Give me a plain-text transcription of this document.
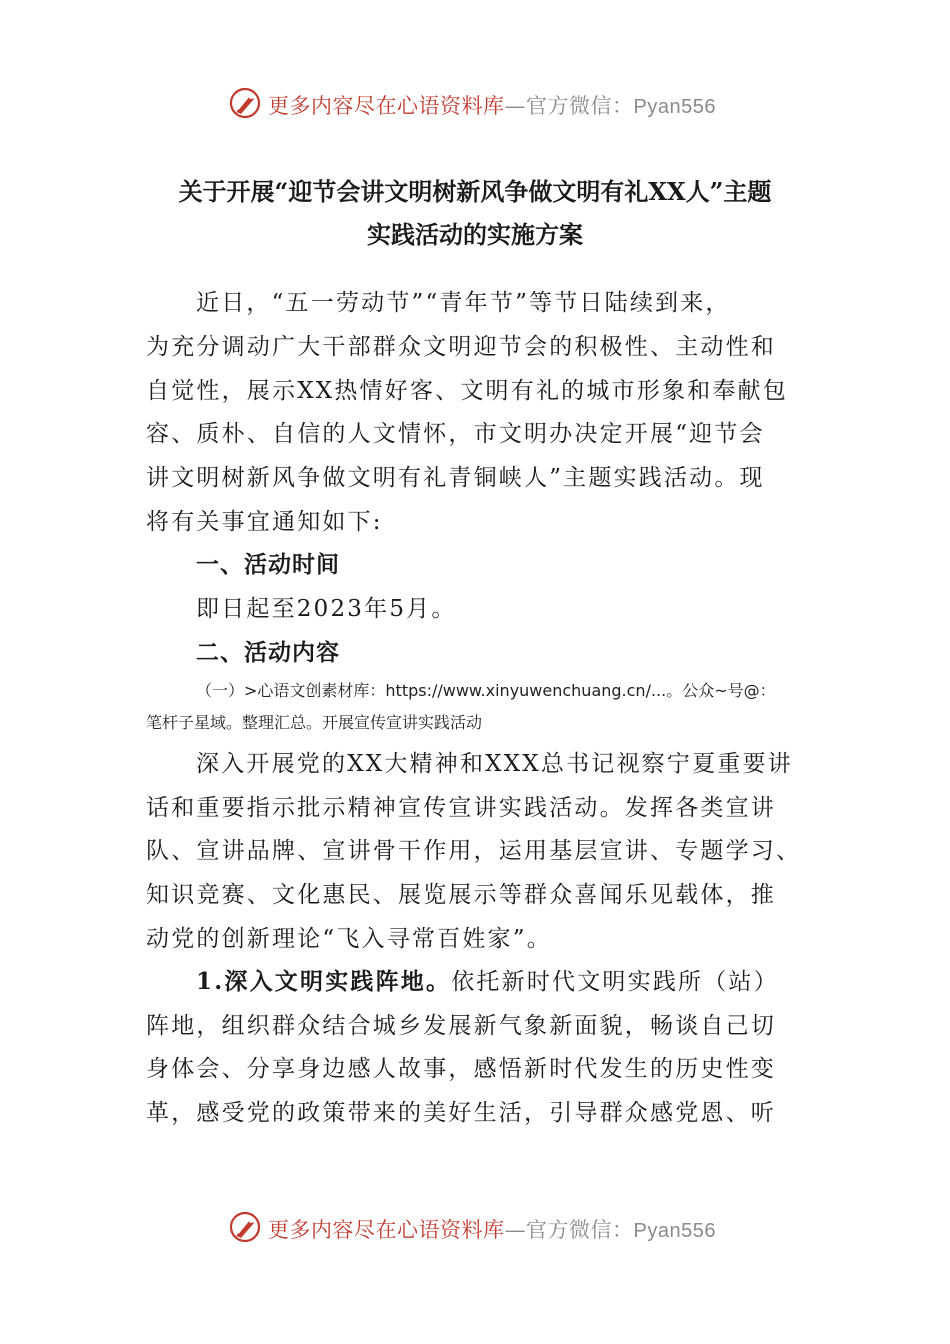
更多内容尽在心语资料库—官方微信：Pyan556
关于开展“迎节会讲文明树新风争做文明有礼XX人”主题
实践活动的实施方案
近日，“五一劳动节”“青年节”等节日陆续到来，
为充分调动广大干部群众文明迎节会的积极性、主动性和
自觉性，展示XX热情好客、文明有礼的城市形象和奉献包
容、质朴、自信的人文情怀，市文明办决定开展“迎节会
讲文明树新风争做文明有礼青铜峡人”主题实践活动。现
将有关事宜通知如下:
一、活动时间
即日起至2023年5月。
二、活动内容
（一）>心语文创素材库：https://www.xinyuwenchuang.cn/...。公众~号@：
笔杆子星域。整理汇总。开展宣传宣讲实践活动
深入开展党的XX大精神和XXX总书记视察宁夏重要讲
话和重要指示批示精神宣传宣讲实践活动。发挥各类宣讲
队、宣讲品牌、宣讲骨干作用，运用基层宣讲、专题学习、
知识竞赛、文化惠民、展览展示等群众喜闻乐见载体，推
动党的创新理论“飞入寻常百姓家”。
1.深入文明实践阵地。依托新时代文明实践所（站）
阵地，组织群众结合城乡发展新气象新面貌，畅谈自己切
身体会、分享身边感人故事，感悟新时代发生的历史性变
革，感受党的政策带来的美好生活，引导群众感党恩、听
更多内容尽在心语资料库—官方微信：Pyan556
